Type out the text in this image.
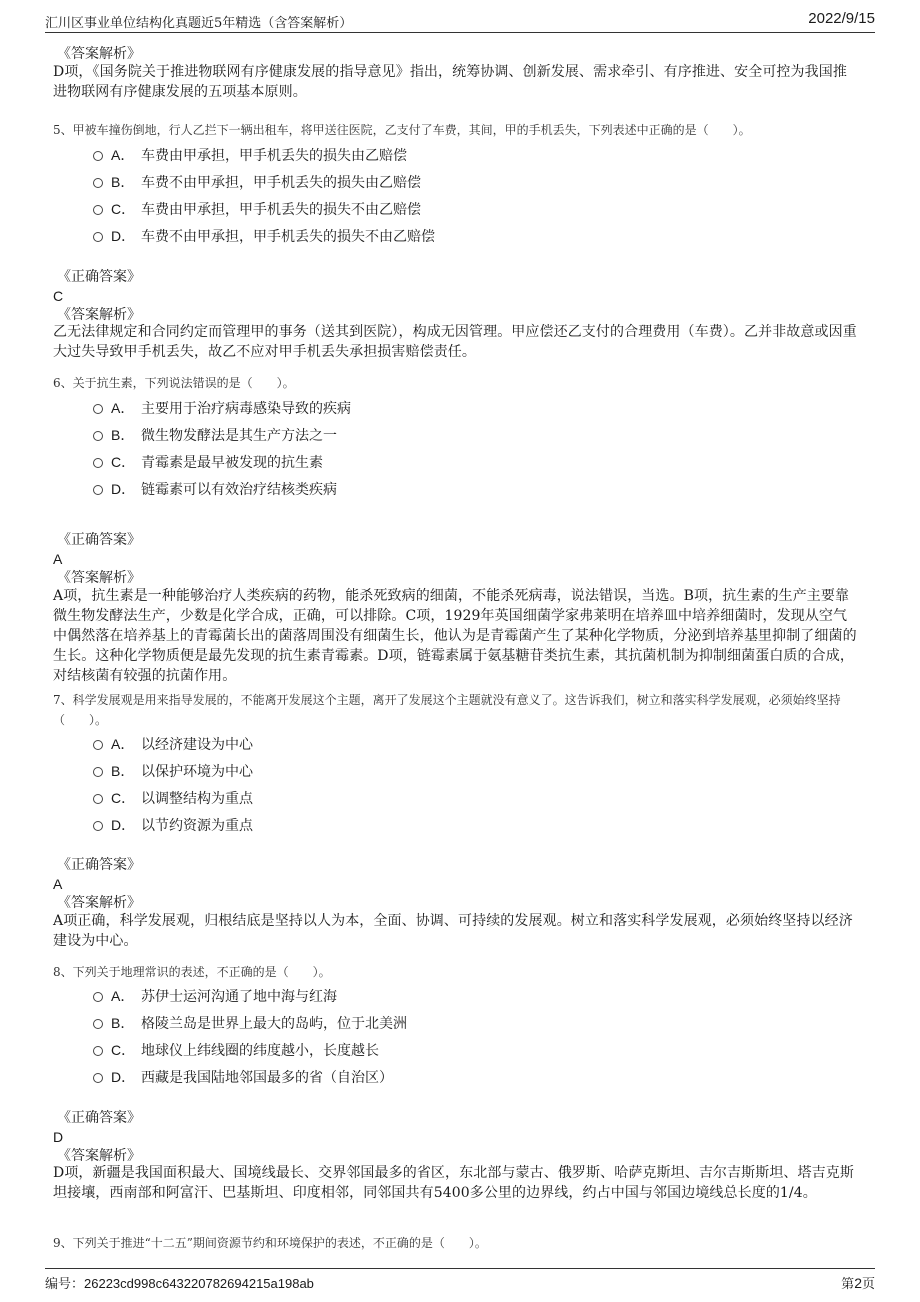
汇川区事业单位结构化真题近5年精选（含答案解析）	2022/9/15
《答案解析》
D项，《国务院关于推进物联网有序健康发展的指导意见》指出，统筹协调、创新发展、需求牵引、有序推进、安全可控为我国推进物联网有序健康发展的五项基本原则。
5、甲被车撞伤倒地，行人乙拦下一辆出租车，将甲送往医院，乙支付了车费，其间，甲的手机丢失，下列表述中正确的是（　　）。
A． 车费由甲承担，甲手机丢失的损失由乙赔偿
B． 车费不由甲承担，甲手机丢失的损失由乙赔偿
C． 车费由甲承担，甲手机丢失的损失不由乙赔偿
D． 车费不由甲承担，甲手机丢失的损失不由乙赔偿
《正确答案》
C
《答案解析》
乙无法律规定和合同约定而管理甲的事务（送其到医院），构成无因管理。甲应偿还乙支付的合理费用（车费）。乙并非故意或因重大过失导致甲手机丢失，故乙不应对甲手机丢失承担损害赔偿责任。
6、关于抗生素，下列说法错误的是（　　）。
A． 主要用于治疗病毒感染导致的疾病
B． 微生物发酵法是其生产方法之一
C． 青霉素是最早被发现的抗生素
D． 链霉素可以有效治疗结核类疾病
《正确答案》
A
《答案解析》
A项，抗生素是一种能够治疗人类疾病的药物，能杀死致病的细菌，不能杀死病毒，说法错误，当选。B项，抗生素的生产主要靠微生物发酵法生产，少数是化学合成，正确，可以排除。C项，1929年英国细菌学家弗莱明在培养皿中培养细菌时，发现从空气中偶然落在培养基上的青霉菌长出的菌落周围没有细菌生长，他认为是青霉菌产生了某种化学物质，分泌到培养基里抑制了细菌的生长。这种化学物质便是最先发现的抗生素青霉素。D项，链霉素属于氨基糖苷类抗生素，其抗菌机制为抑制细菌蛋白质的合成，对结核菌有较强的抗菌作用。
7、科学发展观是用来指导发展的，不能离开发展这个主题，离开了发展这个主题就没有意义了。这告诉我们，树立和落实科学发展观，必须始终坚持（　　）。
A． 以经济建设为中心
B． 以保护环境为中心
C． 以调整结构为重点
D． 以节约资源为重点
《正确答案》
A
《答案解析》
A项正确，科学发展观，归根结底是坚持以人为本，全面、协调、可持续的发展观。树立和落实科学发展观，必须始终坚持以经济建设为中心。
8、下列关于地理常识的表述，不正确的是（　　）。
A． 苏伊士运河沟通了地中海与红海
B． 格陵兰岛是世界上最大的岛屿，位于北美洲
C． 地球仪上纬线圈的纬度越小，长度越长
D． 西藏是我国陆地邻国最多的省（自治区）
《正确答案》
D
《答案解析》
D项，新疆是我国面积最大、国境线最长、交界邻国最多的省区，东北部与蒙古、俄罗斯、哈萨克斯坦、吉尔吉斯斯坦、塔吉克斯坦接壤，西南部和阿富汗、巴基斯坦、印度相邻，同邻国共有5400多公里的边界线，约占中国与邻国边境线总长度的1/4。
9、下列关于推进“十二五”期间资源节约和环境保护的表述，不正确的是（　　）。
编号：26223cd998c643220782694215a198ab	第2页
